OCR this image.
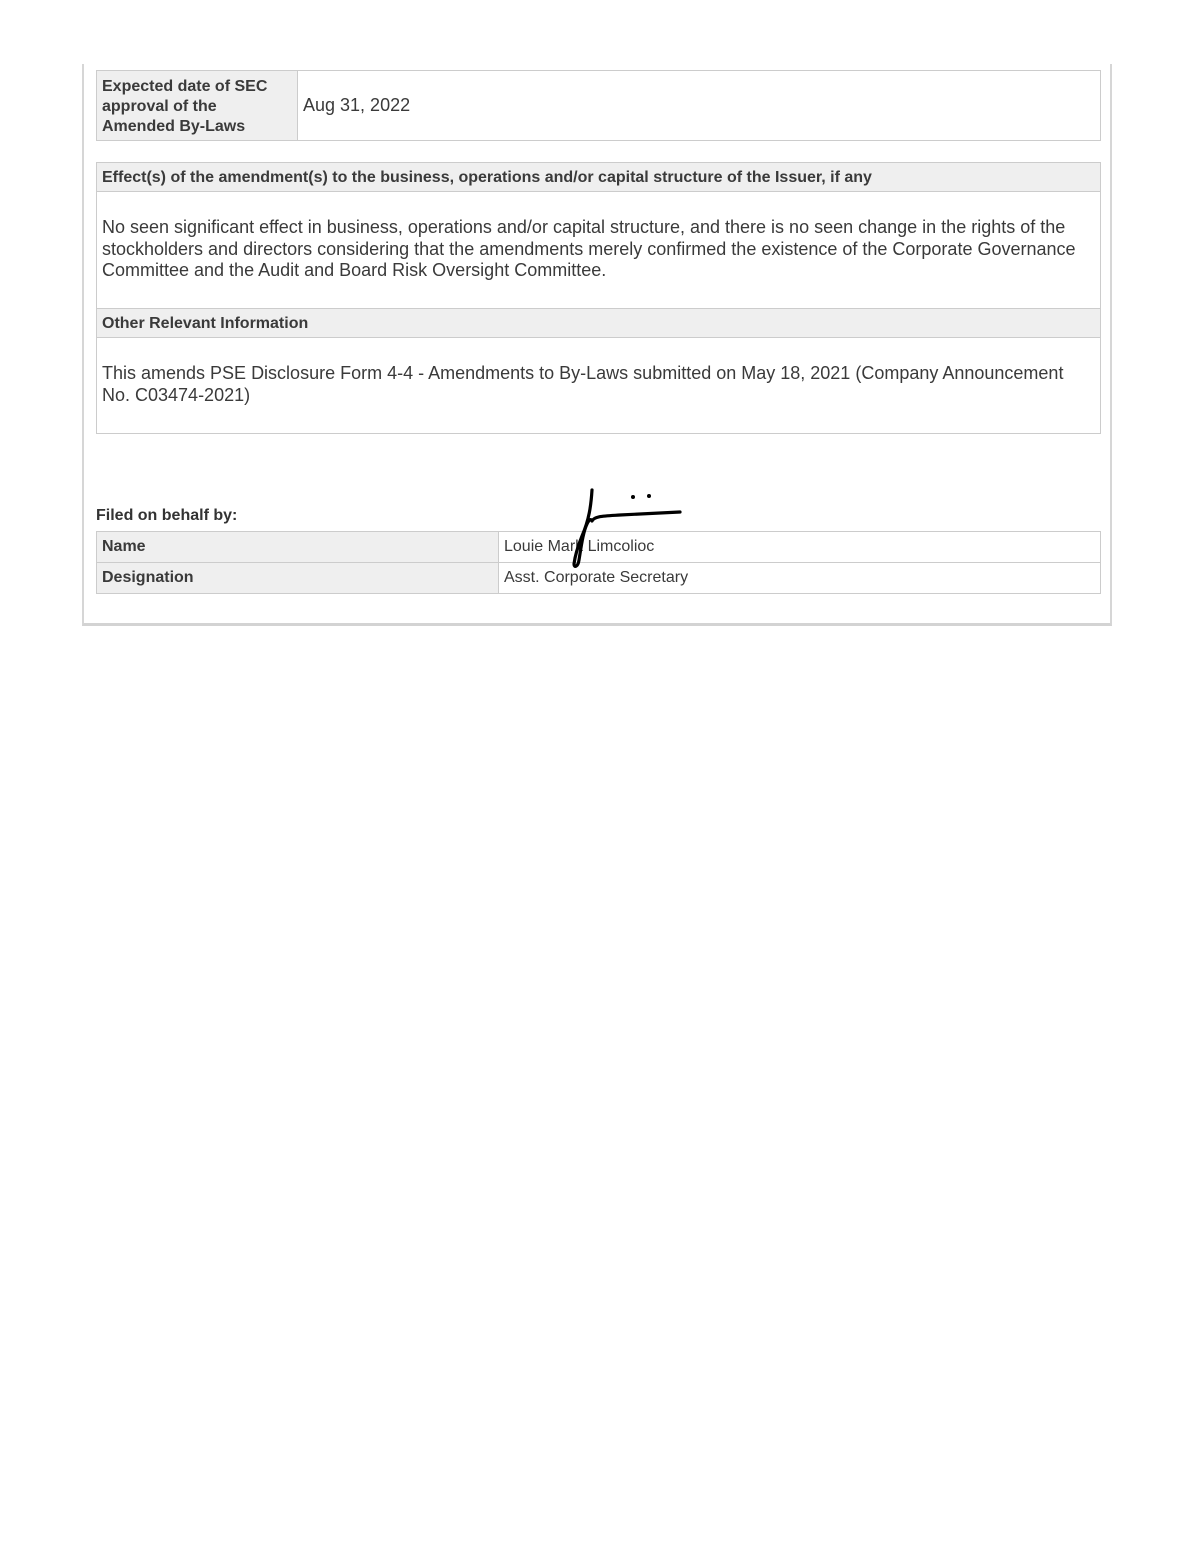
Expected date of SEC approval of the Amended By-Laws
Aug 31, 2022
Effect(s) of the amendment(s) to the business, operations and/or capital structure of the Issuer, if any
No seen significant effect in business, operations and/or capital structure, and there is no seen change in the rights of the stockholders and directors considering that the amendments merely confirmed the existence of the Corporate Governance Committee and the Audit and Board Risk Oversight Committee.
Other Relevant Information
This amends PSE Disclosure Form 4-4 - Amendments to By-Laws submitted on May 18, 2021 (Company Announcement No. C03474-2021)
Filed on behalf by:
Name	Louie Mark Limcolioc
Designation	Asst. Corporate Secretary
